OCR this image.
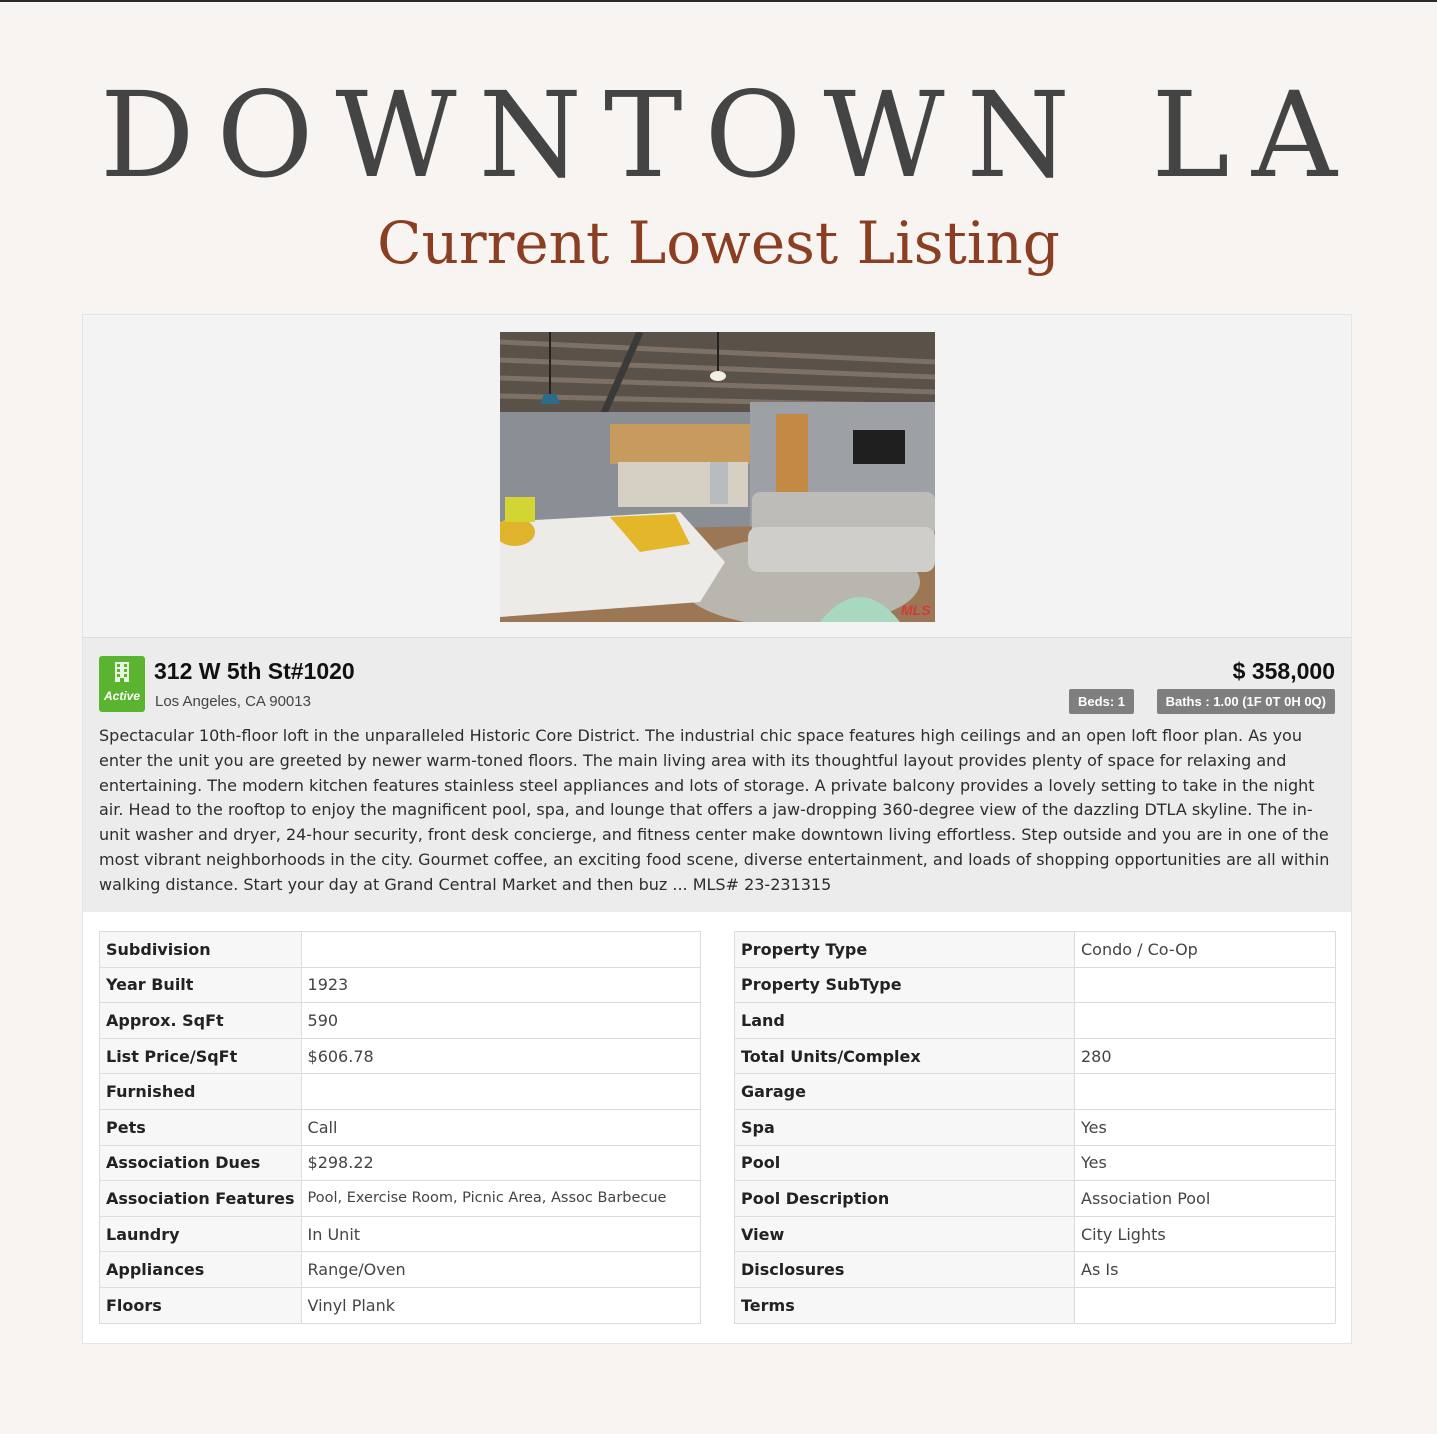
DOWNTOWN LA
Current Lowest Listing
MLS
Active
312 W 5th St#1020
Los Angeles, CA 90013
$ 358,000
Beds: 1	Baths : 1.00 (1F 0T 0H 0Q)

Spectacular 10th-floor loft in the unparalleled Historic Core District. The industrial chic space features high ceilings and an open loft floor plan. As you enter the unit you are greeted by newer warm-toned floors. The main living area with its thoughtful layout provides plenty of space for relaxing and entertaining. The modern kitchen features stainless steel appliances and lots of storage. A private balcony provides a lovely setting to take in the night air. Head to the rooftop to enjoy the magnificent pool, spa, and lounge that offers a jaw-dropping 360-degree view of the dazzling DTLA skyline. The in-unit washer and dryer, 24-hour security, front desk concierge, and fitness center make downtown living effortless. Step outside and you are in one of the most vibrant neighborhoods in the city. Gourmet coffee, an exciting food scene, diverse entertainment, and loads of shopping opportunities are all within walking distance. Start your day at Grand Central Market and then buz ... MLS# 23-231315

Subdivision	
Year Built	1923
Approx. SqFt	590
List Price/SqFt	$606.78
Furnished	
Pets	Call
Association Dues	$298.22
Association Features	Pool, Exercise Room, Picnic Area, Assoc Barbecue
Laundry	In Unit
Appliances	Range/Oven
Floors	Vinyl Plank
Property Type	Condo / Co-Op
Property SubType	
Land	
Total Units/Complex	280
Garage	
Spa	Yes
Pool	Yes
Pool Description	Association Pool
View	City Lights
Disclosures	As Is
Terms	
